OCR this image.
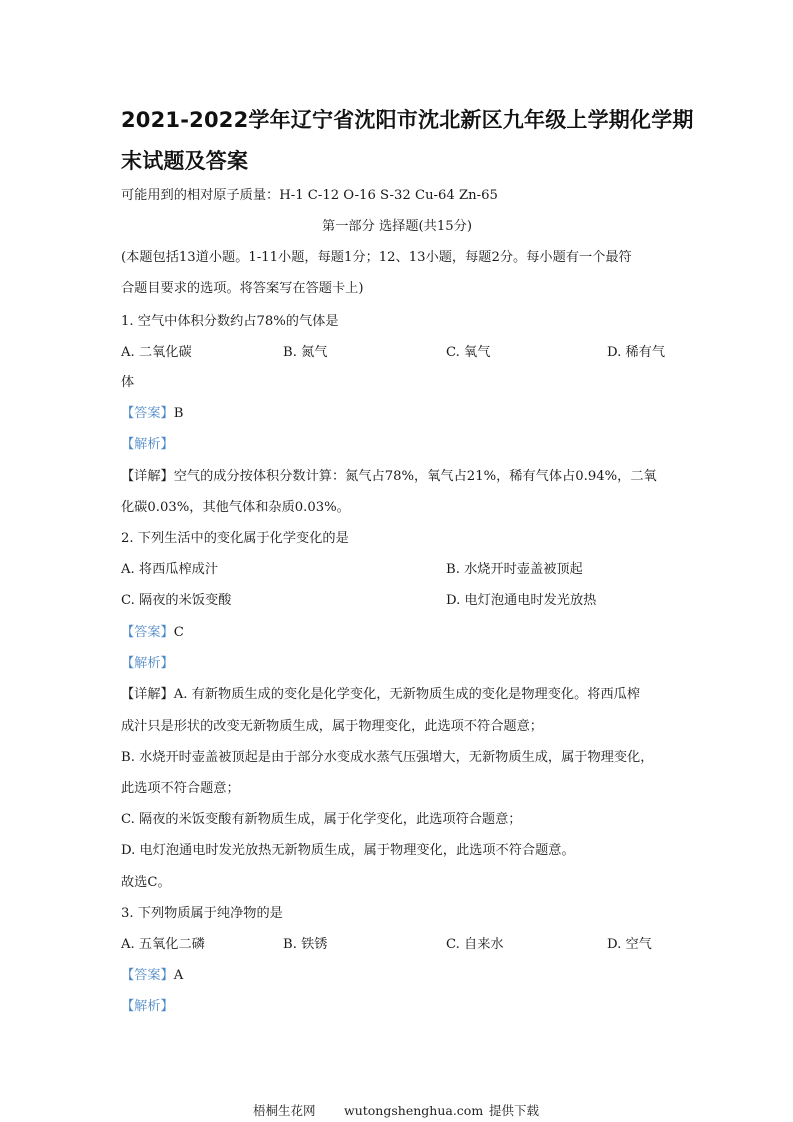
2021-2022学年辽宁省沈阳市沈北新区九年级上学期化学期
末试题及答案
可能用到的相对原子质量：H-1 C-12 O-16 S-32 Cu-64 Zn-65
第一部分 选择题(共15分)
(本题包括13道小题。1-11小题，每题1分；12、13小题，每题2分。每小题有一个最符
合题目要求的选项。将答案写在答题卡上)
1. 空气中体积分数约占78%的气体是
A. 二氧化碳	B. 氮气	C. 氧气	D. 稀有气
体
【答案】B
【解析】
【详解】空气的成分按体积分数计算：氮气占78%，氧气占21%，稀有气体占0.94%，二氧
化碳0.03%，其他气体和杂质0.03%。
2. 下列生活中的变化属于化学变化的是
A. 将西瓜榨成汁	B. 水烧开时壶盖被顶起
C. 隔夜的米饭变酸	D. 电灯泡通电时发光放热
【答案】C
【解析】
【详解】A. 有新物质生成的变化是化学变化，无新物质生成的变化是物理变化。将西瓜榨
成汁只是形状的改变无新物质生成，属于物理变化，此选项不符合题意；
B. 水烧开时壶盖被顶起是由于部分水变成水蒸气压强增大，无新物质生成，属于物理变化，
此选项不符合题意；
C. 隔夜的米饭变酸有新物质生成，属于化学变化，此选项符合题意；
D. 电灯泡通电时发光放热无新物质生成，属于物理变化，此选项不符合题意。
故选C。
3. 下列物质属于纯净物的是
A. 五氧化二磷	B. 铁锈	C. 自来水	D. 空气
【答案】A
【解析】
梧桐生花网 wutongshenghua.com 提供下载
